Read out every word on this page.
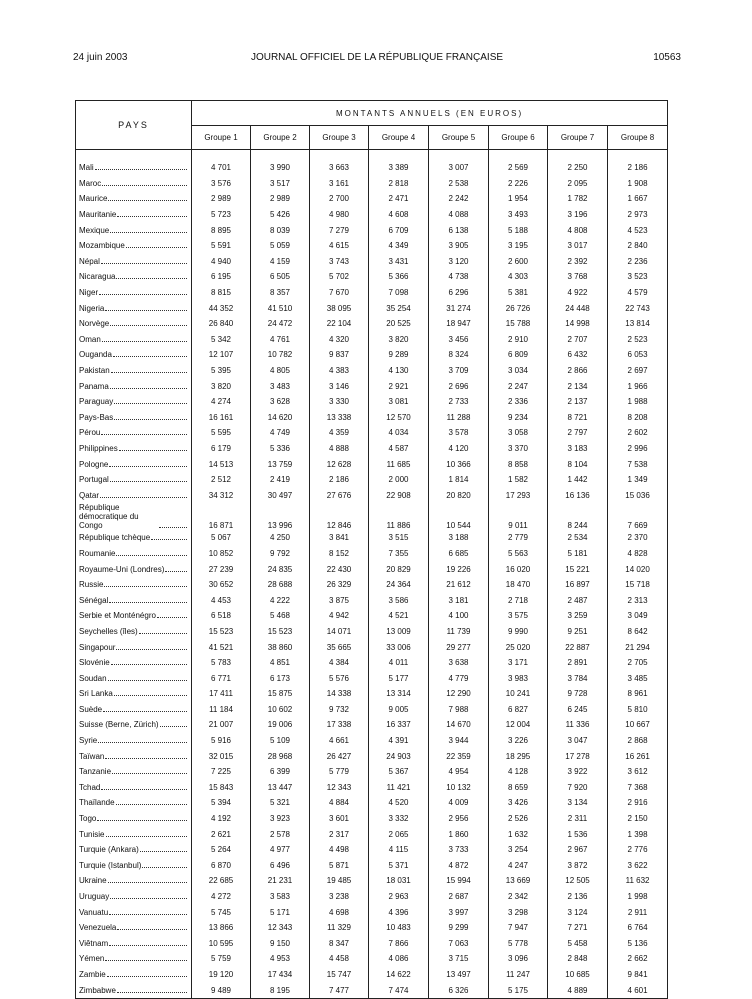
24 juin 2003	JOURNAL OFFICIEL DE LA RÉPUBLIQUE FRANÇAISE	10563
PAYS	MONTANTS ANNUELS (EN EUROS)							
	Groupe 1	Groupe 2	Groupe 3	Groupe 4	Groupe 5	Groupe 6	Groupe 7	Groupe 8

Mali	4 701	3 990	3 663	3 389	3 007	2 569	2 250	2 186

Maroc	3 576	3 517	3 161	2 818	2 538	2 226	2 095	1 908

Maurice	2 989	2 989	2 700	2 471	2 242	1 954	1 782	1 667

Mauritanie	5 723	5 426	4 980	4 608	4 088	3 493	3 196	2 973

Mexique	8 895	8 039	7 279	6 709	6 138	5 188	4 808	4 523

Mozambique	5 591	5 059	4 615	4 349	3 905	3 195	3 017	2 840

Népal	4 940	4 159	3 743	3 431	3 120	2 600	2 392	2 236

Nicaragua	6 195	6 505	5 702	5 366	4 738	4 303	3 768	3 523

Niger	8 815	8 357	7 670	7 098	6 296	5 381	4 922	4 579

Nigeria	44 352	41 510	38 095	35 254	31 274	26 726	24 448	22 743

Norvège	26 840	24 472	22 104	20 525	18 947	15 788	14 998	13 814

Oman	5 342	4 761	4 320	3 820	3 456	2 910	2 707	2 523

Ouganda	12 107	10 782	9 837	9 289	8 324	6 809	6 432	6 053

Pakistan	5 395	4 805	4 383	4 130	3 709	3 034	2 866	2 697

Panama	3 820	3 483	3 146	2 921	2 696	2 247	2 134	1 966

Paraguay	4 274	3 628	3 330	3 081	2 733	2 336	2 137	1 988

Pays-Bas	16 161	14 620	13 338	12 570	11 288	9 234	8 721	8 208

Pérou	5 595	4 749	4 359	4 034	3 578	3 058	2 797	2 602

Philippines	6 179	5 336	4 888	4 587	4 120	3 370	3 183	2 996

Pologne	14 513	13 759	12 628	11 685	10 366	8 858	8 104	7 538

Portugal	2 512	2 419	2 186	2 000	1 814	1 582	1 442	1 349

Qatar	34 312	30 497	27 676	22 908	20 820	17 293	16 136	15 036

République démocratique du Congo	16 871	13 996	12 846	11 886	10 544	9 011	8 244	7 669

République tchèque	5 067	4 250	3 841	3 515	3 188	2 779	2 534	2 370

Roumanie	10 852	9 792	8 152	7 355	6 685	5 563	5 181	4 828

Royaume-Uni (Londres)	27 239	24 835	22 430	20 829	19 226	16 020	15 221	14 020

Russie	30 652	28 688	26 329	24 364	21 612	18 470	16 897	15 718

Sénégal	4 453	4 222	3 875	3 586	3 181	2 718	2 487	2 313

Serbie et Monténégro	6 518	5 468	4 942	4 521	4 100	3 575	3 259	3 049

Seychelles (îles)	15 523	15 523	14 071	13 009	11 739	9 990	9 251	8 642

Singapour	41 521	38 860	35 665	33 006	29 277	25 020	22 887	21 294

Slovénie	5 783	4 851	4 384	4 011	3 638	3 171	2 891	2 705

Soudan	6 771	6 173	5 576	5 177	4 779	3 983	3 784	3 485

Sri Lanka	17 411	15 875	14 338	13 314	12 290	10 241	9 728	8 961

Suède	11 184	10 602	9 732	9 005	7 988	6 827	6 245	5 810

Suisse (Berne, Zürich)	21 007	19 006	17 338	16 337	14 670	12 004	11 336	10 667

Syrie	5 916	5 109	4 661	4 391	3 944	3 226	3 047	2 868

Taïwan	32 015	28 968	26 427	24 903	22 359	18 295	17 278	16 261

Tanzanie	7 225	6 399	5 779	5 367	4 954	4 128	3 922	3 612

Tchad	15 843	13 447	12 343	11 421	10 132	8 659	7 920	7 368

Thaïlande	5 394	5 321	4 884	4 520	4 009	3 426	3 134	2 916

Togo	4 192	3 923	3 601	3 332	2 956	2 526	2 311	2 150

Tunisie	2 621	2 578	2 317	2 065	1 860	1 632	1 536	1 398

Turquie (Ankara)	5 264	4 977	4 498	4 115	3 733	3 254	2 967	2 776

Turquie (Istanbul)	6 870	6 496	5 871	5 371	4 872	4 247	3 872	3 622

Ukraine	22 685	21 231	19 485	18 031	15 994	13 669	12 505	11 632

Uruguay	4 272	3 583	3 238	2 963	2 687	2 342	2 136	1 998

Vanuatu	5 745	5 171	4 698	4 396	3 997	3 298	3 124	2 911

Venezuela	13 866	12 343	11 329	10 483	9 299	7 947	7 271	6 764

Viêtnam	10 595	9 150	8 347	7 866	7 063	5 778	5 458	5 136

Yémen	5 759	4 953	4 458	4 086	3 715	3 096	2 848	2 662

Zambie	19 120	17 434	15 747	14 622	13 497	11 247	10 685	9 841

Zimbabwe	9 489	8 195	7 477	7 474	6 326	5 175	4 889	4 601
